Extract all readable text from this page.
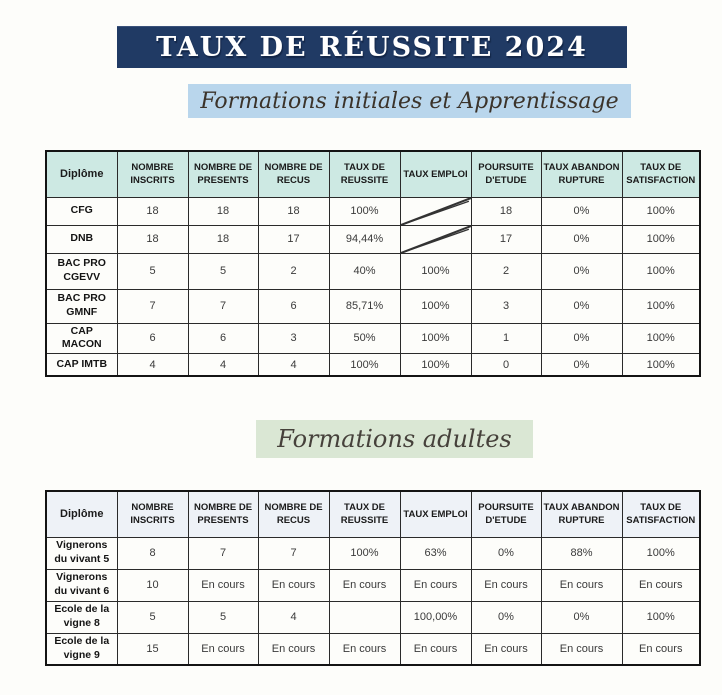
TAUX DE RÉUSSITE 2024
Formations initiales et Apprentissage
Diplôme	NOMBRE INSCRITS	NOMBRE DE PRESENTS	NOMBRE DE RECUS	TAUX DE REUSSITE	TAUX EMPLOI	POURSUITE D'ETUDE	TAUX ABANDON RUPTURE	TAUX DE SATISFACTION
CFG	18	18	18	100%		18	0%	100%
DNB	18	18	17	94,44%		17	0%	100%
BAC PRO CGEVV	5	5	2	40%	100%	2	0%	100%
BAC PRO GMNF	7	7	6	85,71%	100%	3	0%	100%
CAP MACON	6	6	3	50%	100%	1	0%	100%
CAP IMTB	4	4	4	100%	100%	0	0%	100%
Formations adultes
Diplôme	NOMBRE INSCRITS	NOMBRE DE PRESENTS	NOMBRE DE RECUS	TAUX DE REUSSITE	TAUX EMPLOI	POURSUITE D'ETUDE	TAUX ABANDON RUPTURE	TAUX DE SATISFACTION
Vignerons du vivant 5	8	7	7	100%	63%	0%	88%	100%
Vignerons du vivant 6	10	En cours	En cours	En cours	En cours	En cours	En cours	En cours
Ecole de la vigne 8	5	5	4		100,00%	0%	0%	100%
Ecole de la vigne 9	15	En cours	En cours	En cours	En cours	En cours	En cours	En cours
